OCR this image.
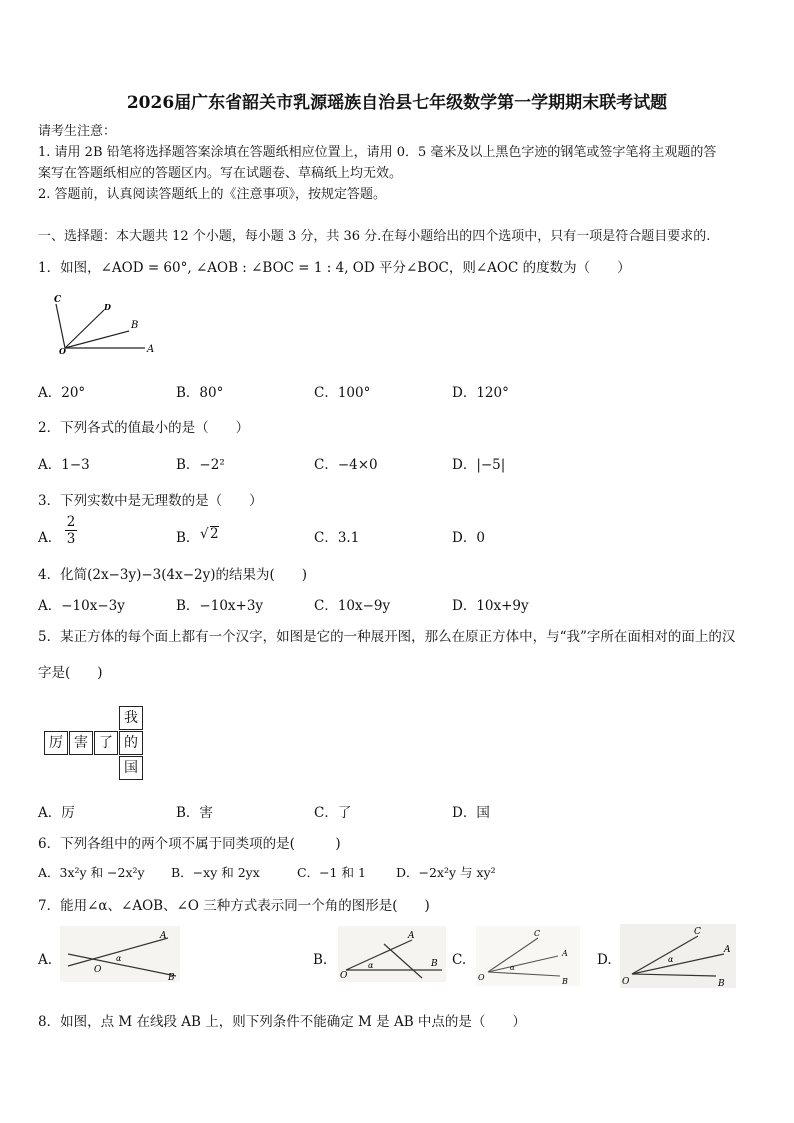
2026届广东省韶关市乳源瑶族自治县七年级数学第一学期期末联考试题
请考生注意：
1. 请用 2B 铅笔将选择题答案涂填在答题纸相应位置上，请用 0．5 毫米及以上黑色字迹的钢笔或签字笔将主观题的答
案写在答题纸相应的答题区内。写在试题卷、草稿纸上均无效。
2. 答题前，认真阅读答题纸上的《注意事项》，按规定答题。
一、选择题：本大题共 12 个小题，每小题 3 分，共 36 分.在每小题给出的四个选项中，只有一项是符合题目要求的.
1．如图，∠AOD = 60°, ∠AOB : ∠BOC = 1 : 4, OD 平分∠BOC，则∠AOC 的度数为（　　）
C
D
B
O	A
A．20°	B．80°	C．100°	D．120°
2．下列各式的值最小的是（　　）
A．1−3	B．−2²	C．−4×0	D．|−5|
3．下列实数中是无理数的是（　　）
A． $\frac{2}{3}$	B． √ 2	C．3.1	D．0
4．化简(2x−3y)−3(4x−2y)的结果为(　　)
A．−10x−3y	B．−10x+3y	C．10x−9y	D．10x+9y
5．某正方体的每个面上都有一个汉字，如图是它的一种展开图，那么在原正方体中，与“我”字所在面相对的面上的汉
字是(　　)
我
厉 害 了 的
国
A．厉	B．害	C．了	D．国
6．下列各组中的两个项不属于同类项的是(　　　)
A．3x²y 和 −2x²y B．−xy 和 2yx	C．−1 和 1 D．−2x²y 与 xy²
7．能用∠α、∠AOB、∠O 三种方式表示同一个角的图形是(　　)
A.
A
B
O
α	B.
A
B
O
α	C.
C
A
B
O
α	D.
C
A
B
O
α
8．如图，点 M 在线段 AB 上，则下列条件不能确定 M 是 AB 中点的是（　　）
